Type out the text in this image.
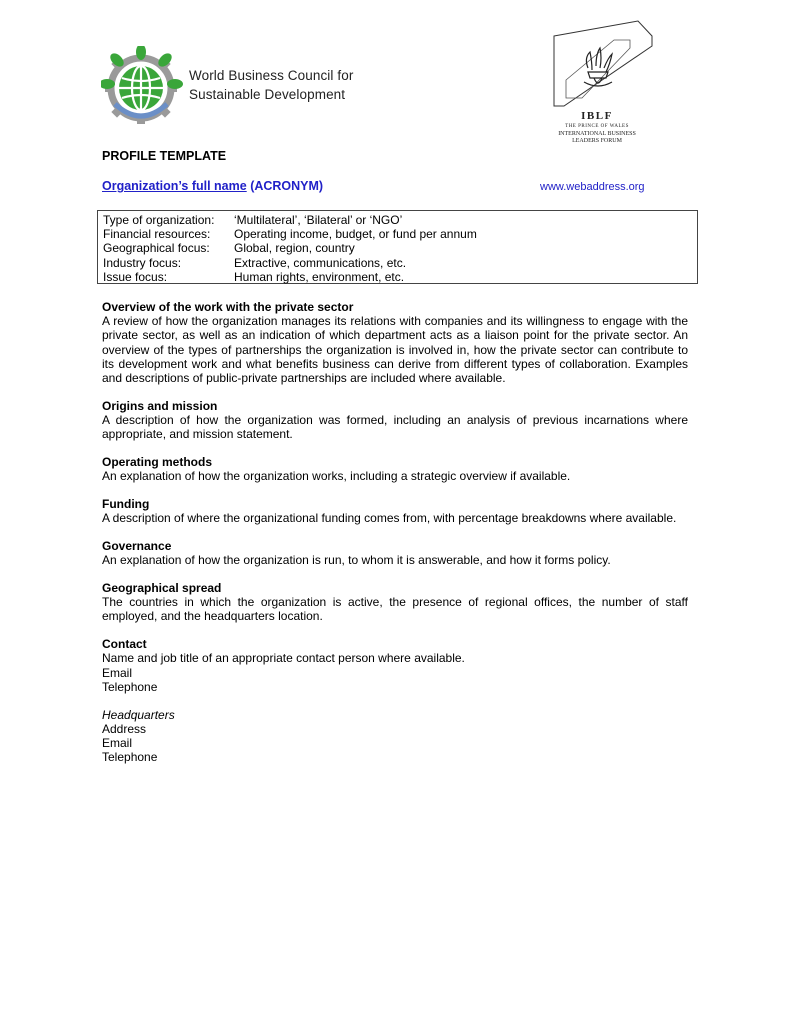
World Business Council for
Sustainable Development
IBLF
THE PRINCE OF WALES
INTERNATIONAL BUSINESS
LEADERS FORUM
PROFILE TEMPLATE
Organization’s full name (ACRONYM)	www.webaddress.org
Type of organization:	‘Multilateral’, ‘Bilateral’ or ‘NGO’
Financial resources:	Operating income, budget, or fund per annum
Geographical focus:	Global, region, country
Industry focus:	Extractive, communications, etc.
Issue focus:	Human rights, environment, etc.
Overview of the work with the private sector

A review of how the organization manages its relations with companies and its willingness to engage with the private sector, as well as an indication of which department acts as a liaison point for the private sector. An overview of the types of partnerships the organization is involved in, how the private sector can contribute to its development work and what benefits business can derive from different types of collaboration. Examples and descriptions of public-private partnerships are included where available.

Origins and mission

A description of how the organization was formed, including an analysis of previous incarnations where appropriate, and mission statement.

Operating methods

An explanation of how the organization works, including a strategic overview if available.

Funding

A description of where the organizational funding comes from, with percentage breakdowns where available.

Governance

An explanation of how the organization is run, to whom it is answerable, and how it forms policy.

Geographical spread

The countries in which the organization is active, the presence of regional offices, the number of staff employed, and the headquarters location.

Contact
Name and job title of an appropriate contact person where available.
Email
Telephone
Headquarters
Address
Email
Telephone
